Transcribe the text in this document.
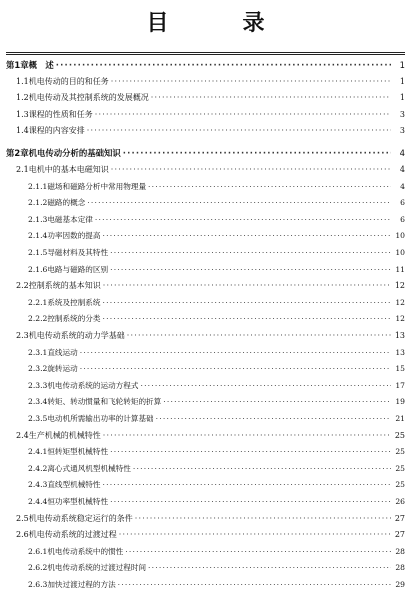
目　录
第1章 概　述 ·····	1
1.1 机电传动的目的和任务 ·····	1
1.2 机电传动及其控制系统的发展概况 ·····	1
1.3 课程的性质和任务 ·····	3
1.4 课程的内容安排 ·····	3
第2章 机电传动分析的基础知识 ·····	4
2.1 电机中的基本电磁知识 ·····	4
2.1.1 磁场和磁路分析中常用物理量 ·····	4
2.1.2 磁路的概念 ·····	6
2.1.3 电磁基本定律 ·····	6
2.1.4 功率因数的提高 ·····	10
2.1.5 导磁材料及其特性 ·····	10
2.1.6 电路与磁路的区别 ·····	11
2.2 控制系统的基本知识 ·····	12
2.2.1 系统及控制系统 ·····	12
2.2.2 控制系统的分类 ·····	12
2.3 机电传动系统的动力学基础 ·····	13
2.3.1 直线运动 ·····	13
2.3.2 旋转运动 ·····	15
2.3.3 机电传动系统的运动方程式 ·····	17
2.3.4 转矩、转动惯量和飞轮转矩的折算 ·····	19
2.3.5 电动机所需输出功率的计算基础 ·····	21
2.4 生产机械的机械特性 ·····	25
2.4.1 恒转矩型机械特性 ·····	25
2.4.2 离心式通风机型机械特性 ·····	25
2.4.3 直线型机械特性 ·····	25
2.4.4 恒功率型机械特性 ·····	26
2.5 机电传动系统稳定运行的条件 ·····	27
2.6 机电传动系统的过渡过程 ·····	27
2.6.1 机电传动系统中的惯性 ·····	28
2.6.2 机电传动系统的过渡过程时间 ·····	28
2.6.3 加快过渡过程的方法 ·····	29
